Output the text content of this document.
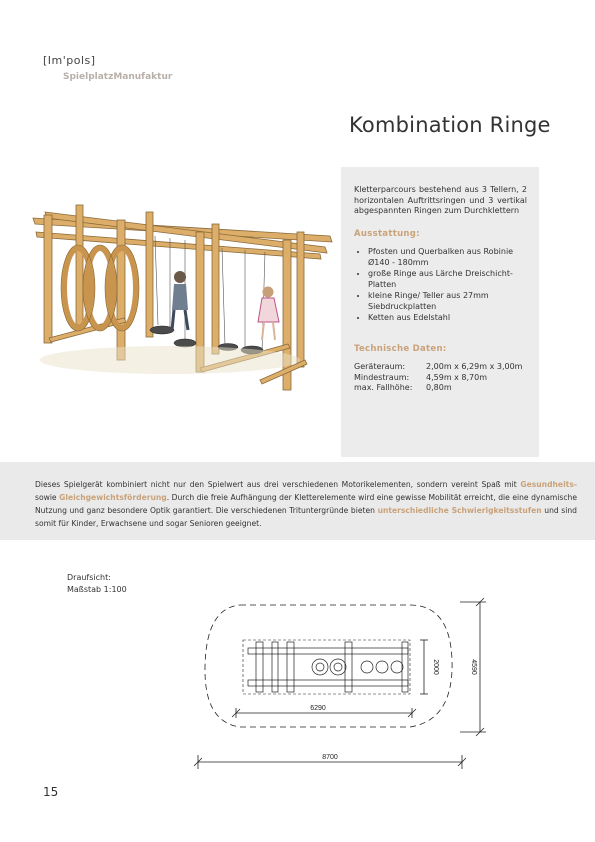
[Im'pols]
SpielplatzManufaktur
Kombination Ringe
Kletterparcours bestehend aus 3 Tellern, 2 horizontalen Auftrittsringen und 3 vertikal abgespannten Ringen zum Durchklettern
Ausstattung:
• Pfosten und Querbalken aus Robinie Ø140 - 180mm
• große Ringe aus Lärche Dreischicht-Platten
• kleine Ringe/ Teller aus 27mm Siebdruckplatten
• Ketten aus Edelstahl
Technische Daten:
Geräteraum:	2,00m x 6,29m x 3,00m
Mindestraum:	4,59m x 8,70m
max. Fallhöhe:	0,80m
Dieses Spielgerät kombiniert nicht nur den Spielwert aus drei verschiedenen Motorikelementen, sondern vereint Spaß mit Gesundheits- sowie Gleichgewichtsförderung. Durch die freie Aufhängung der Kletterelemente wird eine gewisse Mobilität erreicht, die eine dynamische Nutzung und ganz besondere Optik garantiert. Die verschiedenen Trituntergründe bieten unterschiedliche Schwierigkeitsstufen und sind somit für Kinder, Erwachsene und sogar Senioren geeignet.
Draufsicht:
Maßstab 1:100
6290
8700
2000	4590
15
